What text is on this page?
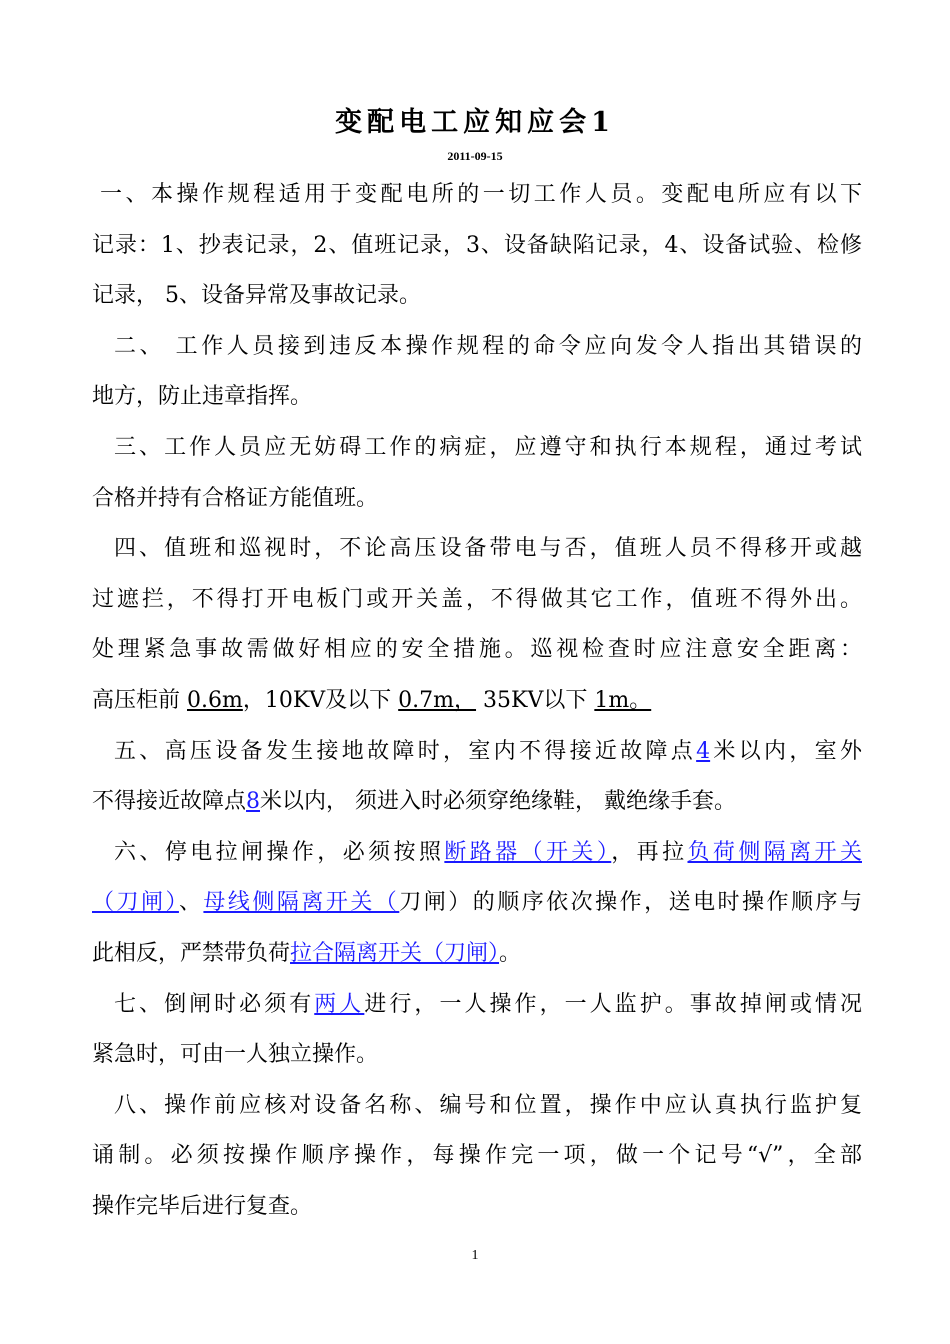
变配电工应知应会1
2011-09-15
一、本操作规程适用于变配电所的一切工作人员。变配电所应有以下
记录：1、抄表记录，2、值班记录，3、设备缺陷记录，4、设备试验、检修
记录， 5、设备异常及事故记录。
二、 工作人员接到违反本操作规程的命令应向发令人指出其错误的
地方，防止违章指挥。
三、工作人员应无妨碍工作的病症，应遵守和执行本规程，通过考试
合格并持有合格证方能值班。
四、值班和巡视时，不论高压设备带电与否，值班人员不得移开或越
过遮拦，不得打开电板门或开关盖，不得做其它工作，值班不得外出。
处理紧急事故需做好相应的安全措施。巡视检查时应注意安全距离：
高压柜前 0.6m，10KV及以下 0.7m， 35KV以下 1m。
五、高压设备发生接地故障时，室内不得接近故障点4米以内，室外
不得接近故障点8米以内， 须进入时必须穿绝缘鞋， 戴绝缘手套。
六、停电拉闸操作，必须按照断路器（开关），再拉负荷侧隔离开关
（刀闸）、母线侧隔离开关（刀闸）的顺序依次操作，送电时操作顺序与
此相反，严禁带负荷拉合隔离开关（刀闸）。
七、倒闸时必须有两人进行，一人操作，一人监护。事故掉闸或情况
紧急时，可由一人独立操作。
八、操作前应核对设备名称、编号和位置，操作中应认真执行监护复
诵制。必须按操作顺序操作，每操作完一项，做一个记号“√”，全部
操作完毕后进行复查。
1
